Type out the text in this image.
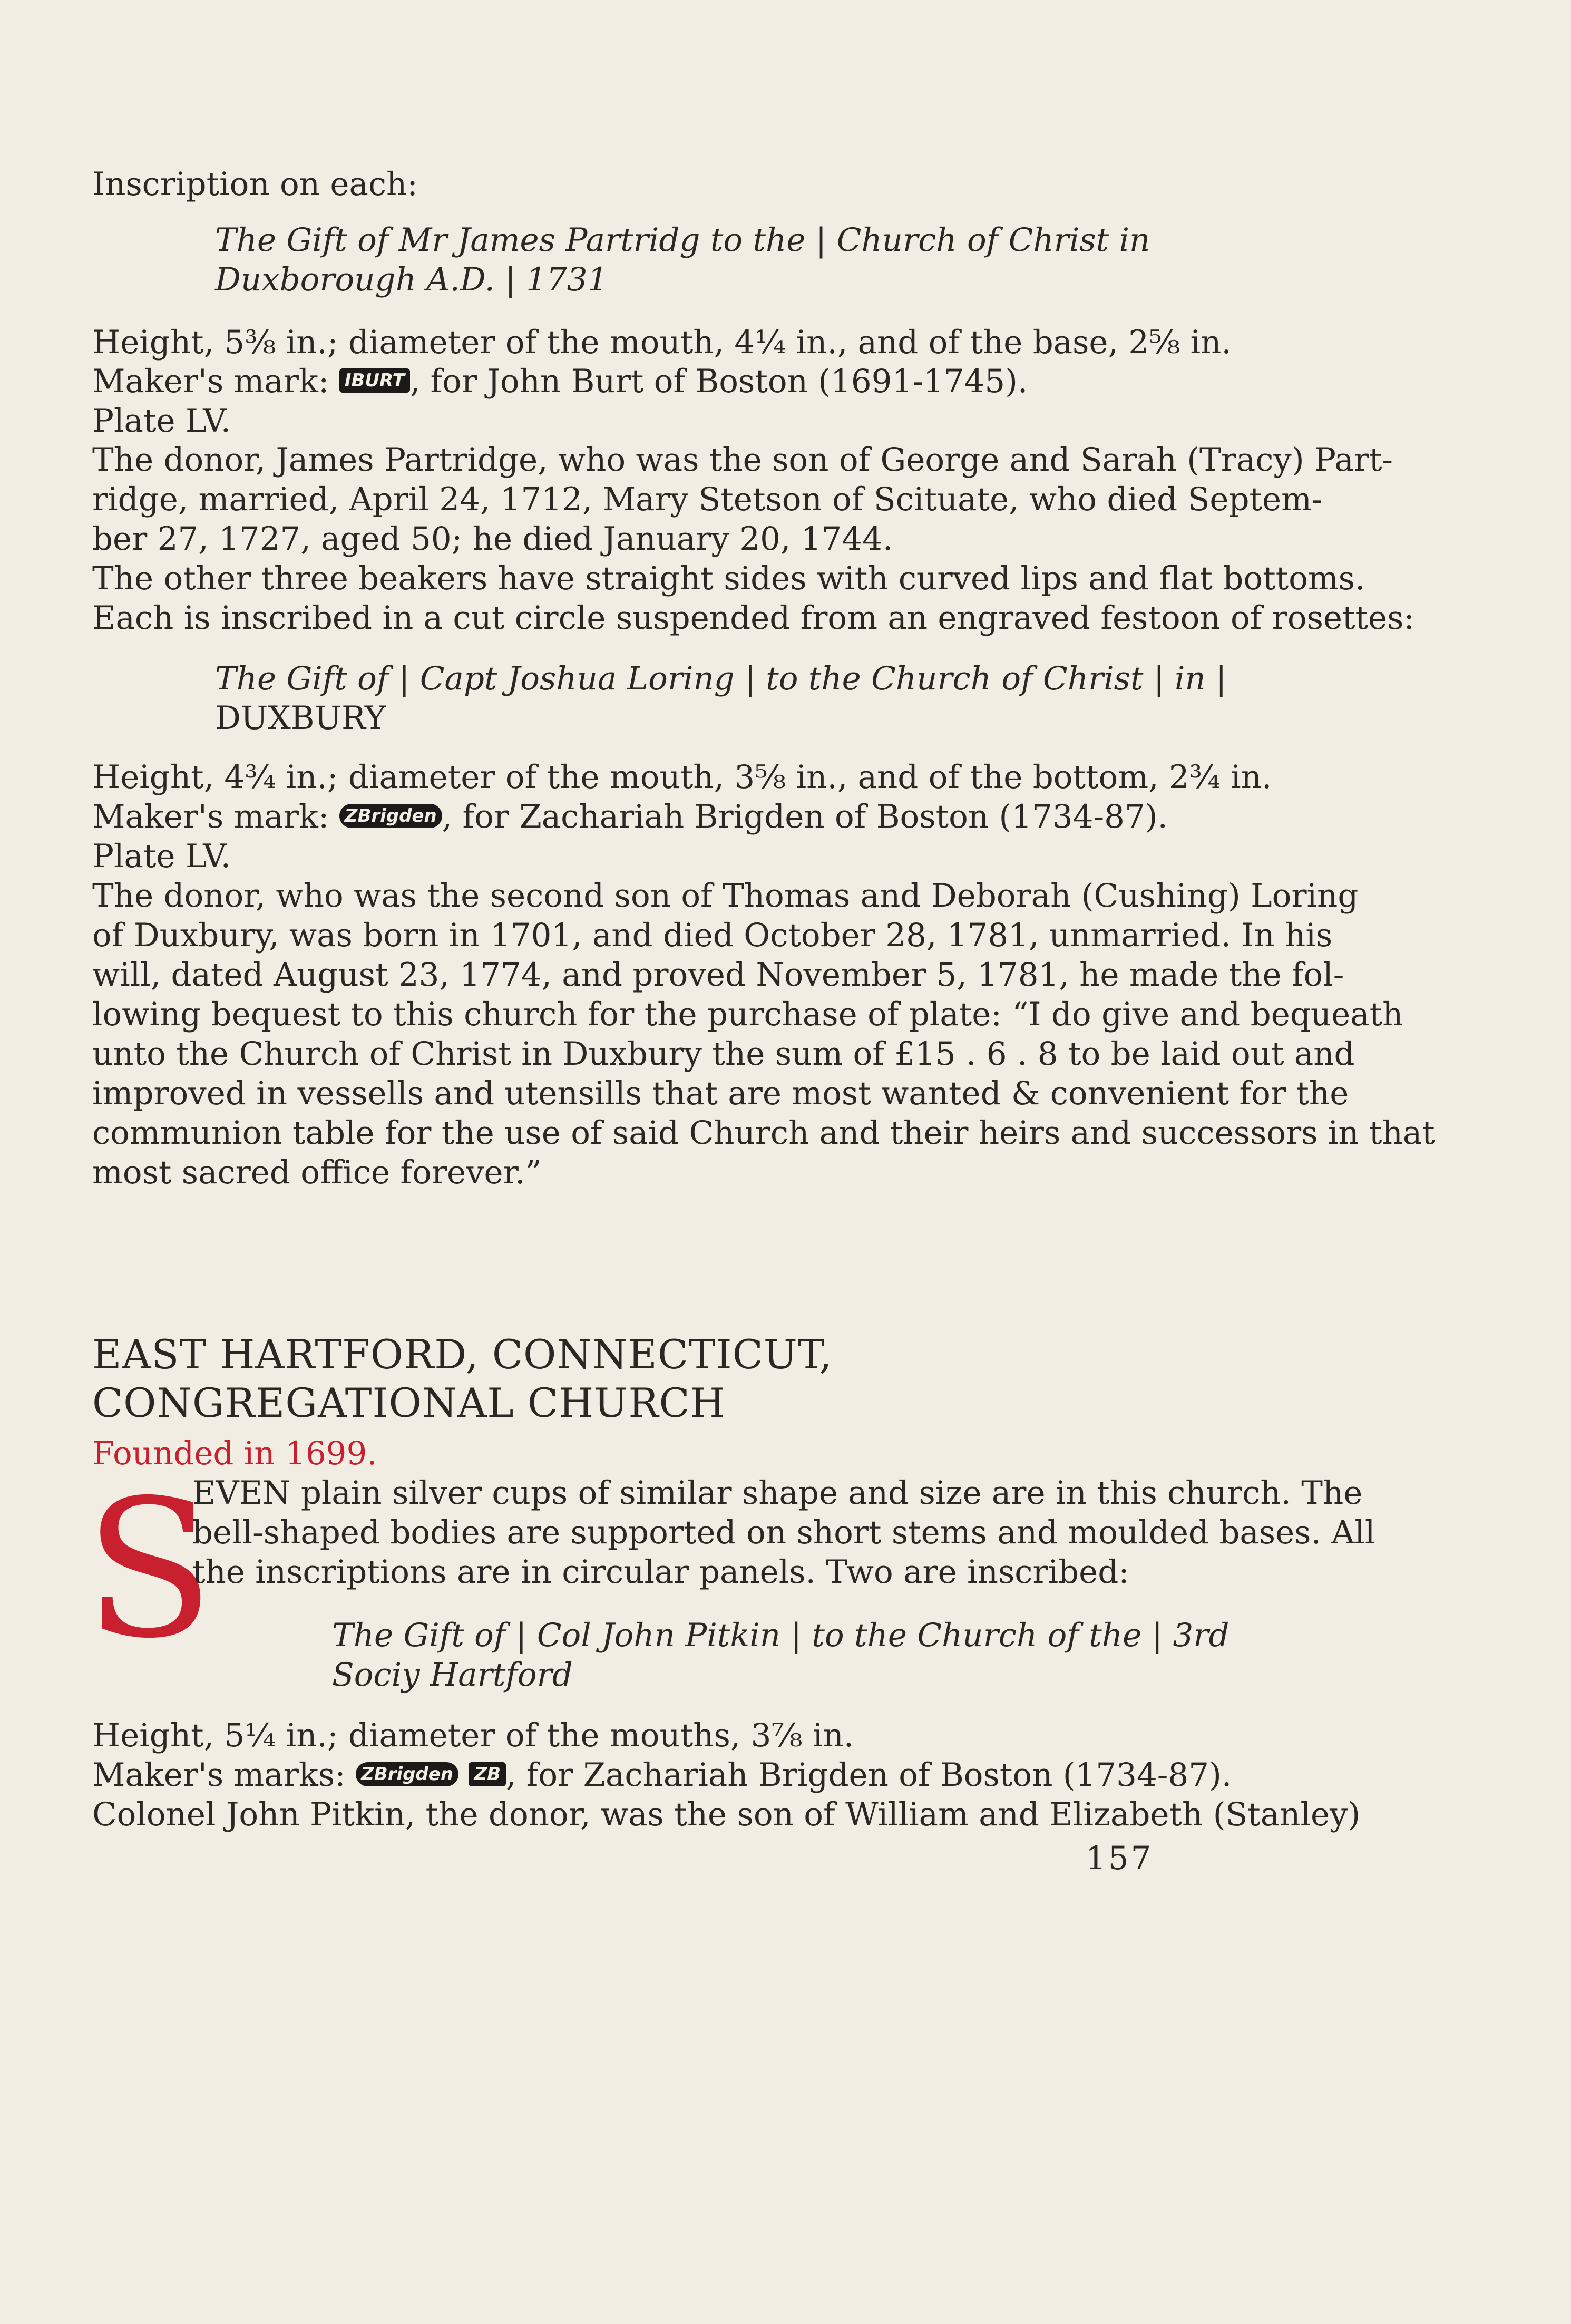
Inscription on each:
The Gift of Mr James Partridg to the | Church of Christ in
Duxborough A.D. | 1731
Height, 5⅜ in.; diameter of the mouth, 4¼ in., and of the base, 2⅝ in.
Maker's mark: IBURT , for John Burt of Boston (1691-1745).
Plate LV.
The donor, James Partridge, who was the son of George and Sarah (Tracy) Part-
ridge, married, April 24, 1712, Mary Stetson of Scituate, who died Septem-
ber 27, 1727, aged 50; he died January 20, 1744.
The other three beakers have straight sides with curved lips and flat bottoms.
Each is inscribed in a cut circle suspended from an engraved festoon of rosettes:
The Gift of | Capt Joshua Loring | to the Church of Christ | in |
DUXBURY
Height, 4¾ in.; diameter of the mouth, 3⅝ in., and of the bottom, 2¾ in.
Maker's mark: ZBrigden , for Zachariah Brigden of Boston (1734-87).
Plate LV.
The donor, who was the second son of Thomas and Deborah (Cushing) Loring
of Duxbury, was born in 1701, and died October 28, 1781, unmarried. In his
will, dated August 23, 1774, and proved November 5, 1781, he made the fol-
lowing bequest to this church for the purchase of plate: “I do give and bequeath
unto the Church of Christ in Duxbury the sum of £15 . 6 . 8 to be laid out and
improved in vessells and utensills that are most wanted & convenient for the
communion table for the use of said Church and their heirs and successors in that
most sacred office forever.”
EAST HARTFORD, CONNECTICUT,
CONGREGATIONAL CHURCH
Founded in 1699.
S
EVEN plain silver cups of similar shape and size are in this church. The
bell-shaped bodies are supported on short stems and moulded bases. All
the inscriptions are in circular panels. Two are inscribed:
The Gift of | Col John Pitkin | to the Church of the | 3rd
Sociy Hartford
Height, 5¼ in.; diameter of the mouths, 3⅞ in.
Maker's marks: ZBrigden ZB , for Zachariah Brigden of Boston (1734-87).
Colonel John Pitkin, the donor, was the son of William and Elizabeth (Stanley)
157
